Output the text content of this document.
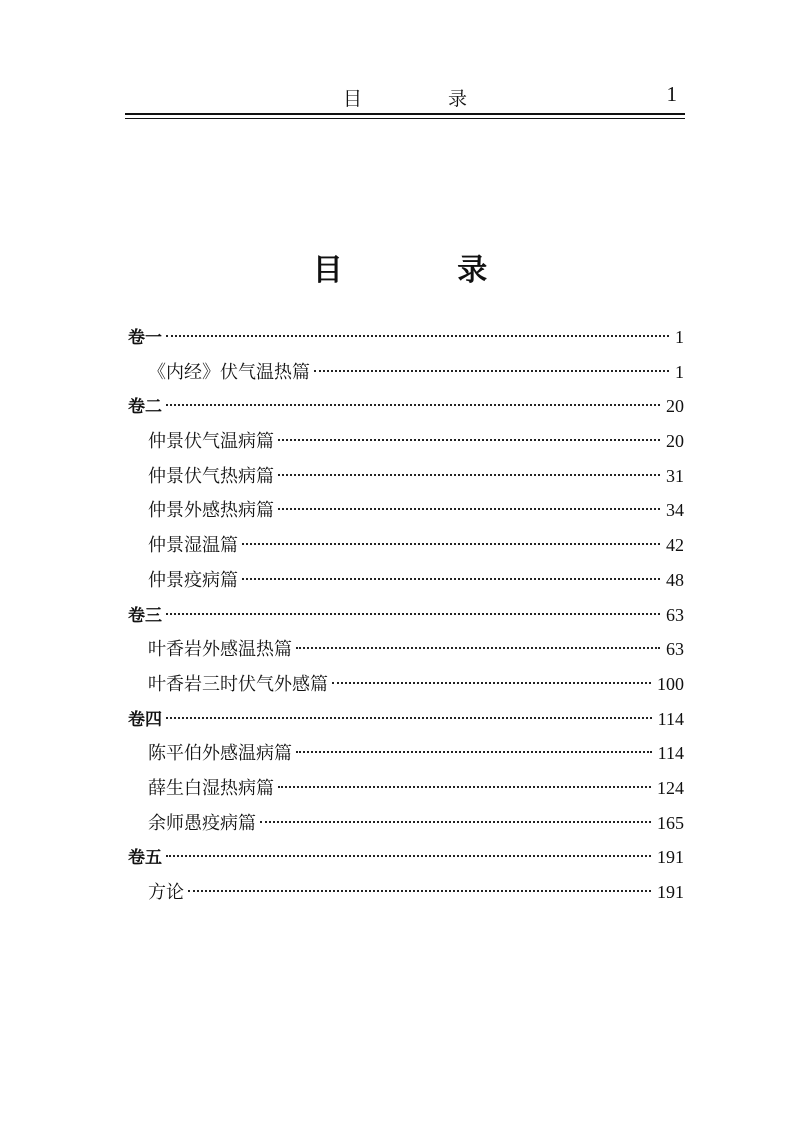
目 录	1
目 录
卷一	1
《内经》伏气温热篇	1
卷二	20
仲景伏气温病篇	20
仲景伏气热病篇	31
仲景外感热病篇	34
仲景湿温篇	42
仲景疫病篇	48
卷三	63
叶香岩外感温热篇	63
叶香岩三时伏气外感篇	100
卷四	114
陈平伯外感温病篇	114
薛生白湿热病篇	124
余师愚疫病篇	165
卷五	191
方论	191
